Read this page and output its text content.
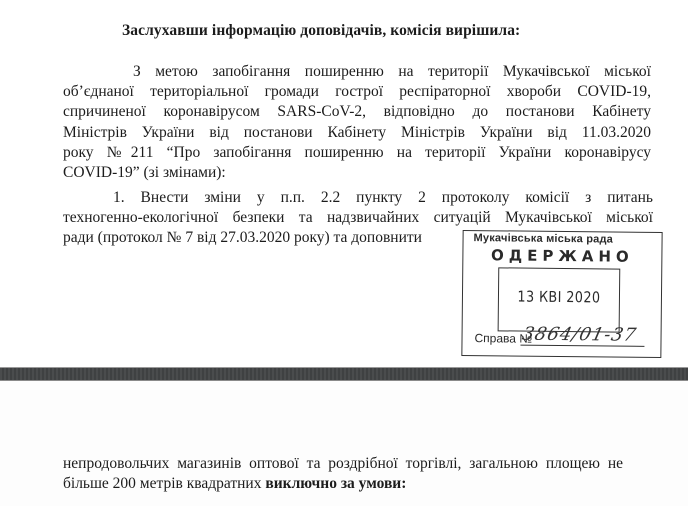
Заслухавши інформацію доповідачів, комісія вирішила:
З метою запобігання поширенню на території Мукачівської міської
об’єднаної територіальної громади гострої респіраторної хвороби COVID-19,
спричиненої коронавірусом SARS-CoV-2, відповідно до постанови Кабінету
Міністрів України від постанови Кабінету Міністрів України від 11.03.2020
року №211 “Про запобігання поширенню на території України коронавірусу
COVID-19” (зі змінами):
1. Внести зміни у п.п. 2.2 пункту 2 протоколу комісії з питань
техногенно-екологічної безпеки та надзвичайних ситуацій Мукачівської міської
ради (протокол № 7 від 27.03.2020 року) та доповнити	Мукачівська міська рада
ОДЕРЖАНО
13 КВІ 2020
Справа №
3864/01-37
непродовольчих магазинів оптової та роздрібної торгівлі, загальною площею не
більше 200 метрів квадратних виключно за умови:
